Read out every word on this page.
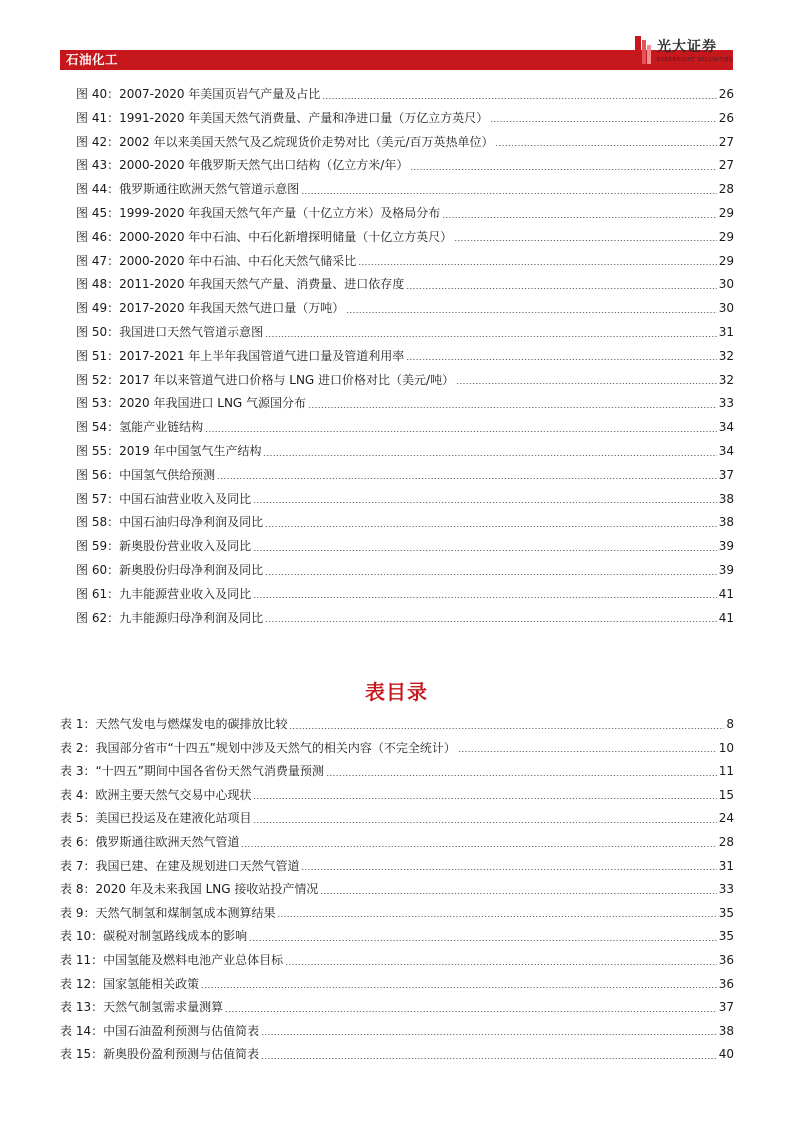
石油化工
光大证券
EVERBRIGHT SECURITIES
图 40：2007-2020 年美国页岩气产量及占比	26
图 41：1991-2020 年美国天然气消费量、产量和净进口量（万亿立方英尺）	26
图 42：2002 年以来美国天然气及乙烷现货价走势对比（美元/百万英热单位）	27
图 43：2000-2020 年俄罗斯天然气出口结构（亿立方米/年）	27
图 44：俄罗斯通往欧洲天然气管道示意图	28
图 45：1999-2020 年我国天然气年产量（十亿立方米）及格局分布	29
图 46：2000-2020 年中石油、中石化新增探明储量（十亿立方英尺）	29
图 47：2000-2020 年中石油、中石化天然气储采比	29
图 48：2011-2020 年我国天然气产量、消费量、进口依存度	30
图 49：2017-2020 年我国天然气进口量（万吨）	30
图 50：我国进口天然气管道示意图	31
图 51：2017-2021 年上半年我国管道气进口量及管道利用率	32
图 52：2017 年以来管道气进口价格与 LNG 进口价格对比（美元/吨）	32
图 53：2020 年我国进口 LNG 气源国分布	33
图 54：氢能产业链结构	34
图 55：2019 年中国氢气生产结构	34
图 56：中国氢气供给预测	37
图 57：中国石油营业收入及同比	38
图 58：中国石油归母净利润及同比	38
图 59：新奥股份营业收入及同比	39
图 60：新奥股份归母净利润及同比	39
图 61：九丰能源营业收入及同比	41
图 62：九丰能源归母净利润及同比	41
表目录
表 1：天然气发电与燃煤发电的碳排放比较	8
表 2：我国部分省市“十四五”规划中涉及天然气的相关内容（不完全统计）	10
表 3：“十四五”期间中国各省份天然气消费量预测	11
表 4：欧洲主要天然气交易中心现状	15
表 5：美国已投运及在建液化站项目	24
表 6：俄罗斯通往欧洲天然气管道	28
表 7：我国已建、在建及规划进口天然气管道	31
表 8：2020 年及未来我国 LNG 接收站投产情况	33
表 9：天然气制氢和煤制氢成本测算结果	35
表 10：碳税对制氢路线成本的影响	35
表 11：中国氢能及燃料电池产业总体目标	36
表 12：国家氢能相关政策	36
表 13：天然气制氢需求量测算	37
表 14：中国石油盈利预测与估值简表	38
表 15：新奥股份盈利预测与估值简表	40
